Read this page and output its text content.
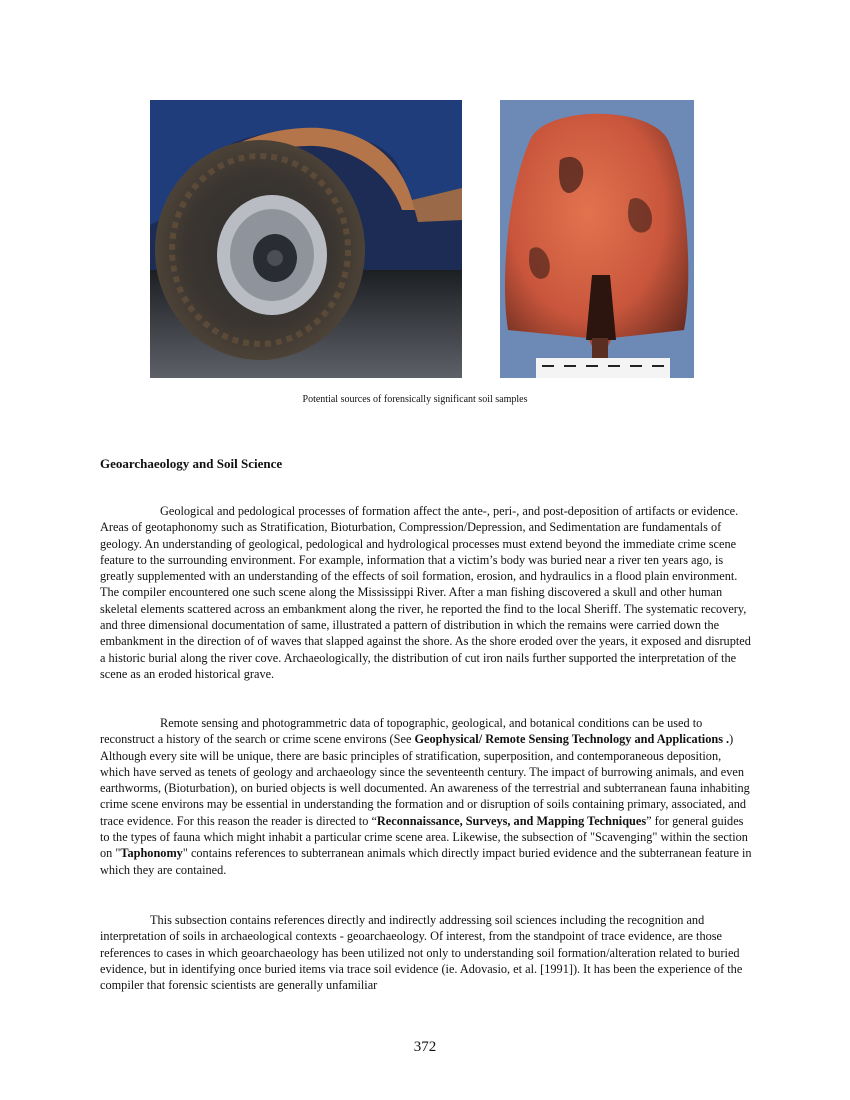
Potential sources of forensically significant soil samples
Geoarchaeology and Soil Science

Geological and pedological processes of formation affect the ante-, peri-, and post-deposition of artifacts or evidence. Areas of geotaphonomy such as Stratification, Bioturbation, Compression/Depression, and Sedimentation are fundamentals of geology. An understanding of geological, pedological and hydrological processes must extend beyond the immediate crime scene feature to the surrounding environment. For example, information that a victim’s body was buried near a river ten years ago, is greatly supplemented with an understanding of the effects of soil formation, erosion, and hydraulics in a flood plain environment. The compiler encountered one such scene along the Mississippi River. After a man fishing discovered a skull and other human skeletal elements scattered across an embankment along the river, he reported the find to the local Sheriff. The systematic recovery, and three dimensional documentation of same, illustrated a pattern of distribution in which the remains were carried down the embankment in the direction of of waves that slapped against the shore. As the shore eroded over the years, it exposed and disrupted a historic burial along the river cove. Archaeologically, the distribution of cut iron nails further supported the interpretation of the scene as an eroded historical grave.

Remote sensing and photogrammetric data of topographic, geological, and botanical conditions can be used to reconstruct a history of the search or crime scene environs (See Geophysical/ Remote Sensing Technology and Applications .) Although every site will be unique, there are basic principles of stratification, superposition, and contemporaneous deposition, which have served as tenets of geology and archaeology since the seventeenth century. The impact of burrowing animals, and even earthworms, (Bioturbation), on buried objects is well documented. An awareness of the terrestrial and subterranean fauna inhabiting crime scene environs may be essential in understanding the formation and or disruption of soils containing primary, associated, and trace evidence. For this reason the reader is directed to “Reconnaissance, Surveys, and Mapping Techniques” for general guides to the types of fauna which might inhabit a particular crime scene area. Likewise, the subsection of "Scavenging" within the section on "Taphonomy" contains references to subterranean animals which directly impact buried evidence and the subterranean feature in which they are contained.

This subsection contains references directly and indirectly addressing soil sciences including the recognition and interpretation of soils in archaeological contexts - geoarchaeology. Of interest, from the standpoint of trace evidence, are those references to cases in which geoarchaeology has been utilized not only to understanding soil formation/alteration related to buried evidence, but in identifying once buried items via trace soil evidence (ie. Adovasio, et al. [1991]). It has been the experience of the compiler that forensic scientists are generally unfamiliar

372
